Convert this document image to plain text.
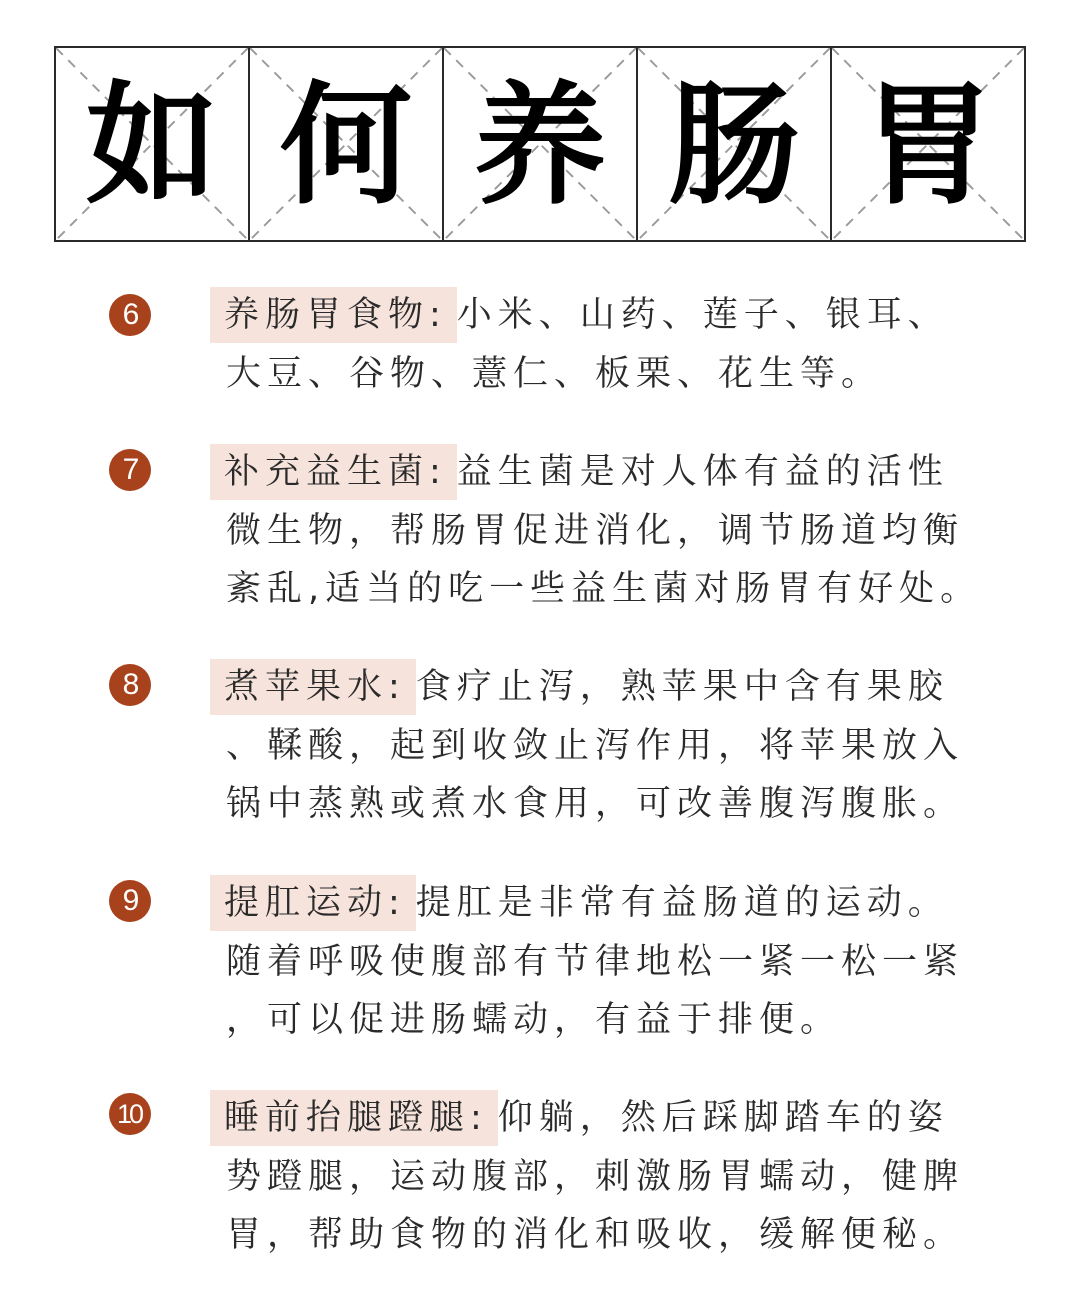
如 何 养 肠 胃
6	养肠胃食物: 小米、山药、莲子、银耳、
大豆、谷物、薏仁、板栗、花生等。
7	补充益生菌: 益生菌是对人体有益的活性
微生物，帮肠胃促进消化，调节肠道均衡
紊乱,适当的吃一些益生菌对肠胃有好处。
8	煮苹果水: 食疗止泻，熟苹果中含有果胶
、鞣酸，起到收敛止泻作用，将苹果放入
锅中蒸熟或煮水食用，可改善腹泻腹胀。
9	提肛运动: 提肛是非常有益肠道的运动。
随着呼吸使腹部有节律地松一紧一松一紧
，可以促进肠蠕动，有益于排便。
10 睡前抬腿蹬腿: 仰躺，然后踩脚踏车的姿
势蹬腿，运动腹部，刺激肠胃蠕动，健脾
胃，帮助食物的消化和吸收，缓解便秘。
